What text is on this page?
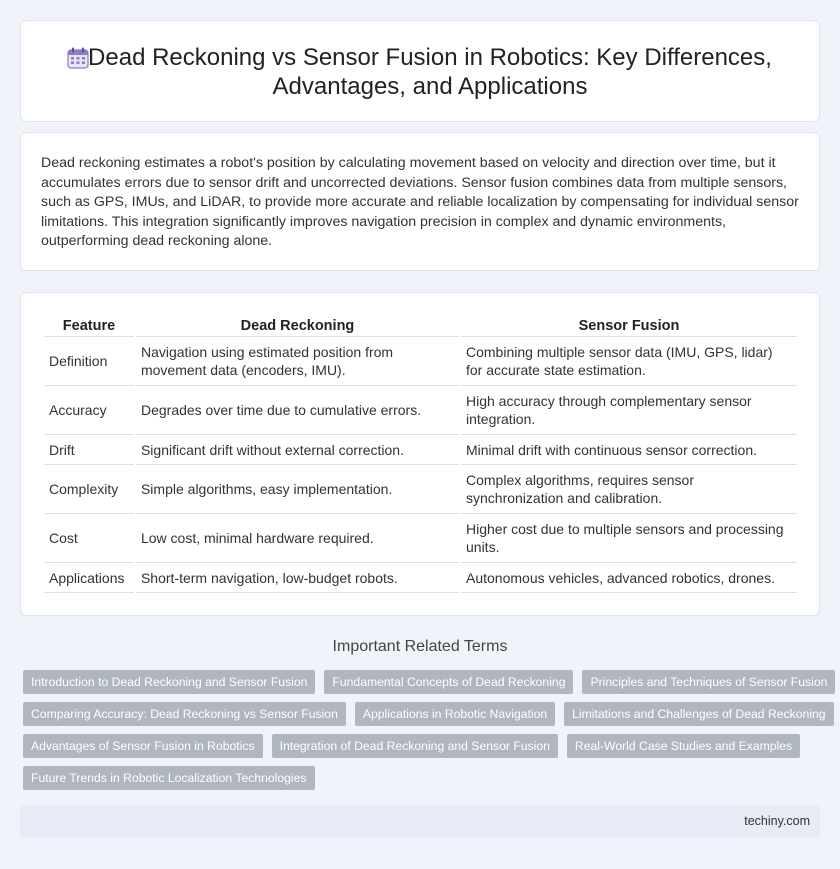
Dead Reckoning vs Sensor Fusion in Robotics: Key Differences, Advantages, and Applications

Dead reckoning estimates a robot's position by calculating movement based on velocity and direction over time, but it accumulates errors due to sensor drift and uncorrected deviations. Sensor fusion combines data from multiple sensors, such as GPS, IMUs, and LiDAR, to provide more accurate and reliable localization by compensating for individual sensor limitations. This integration significantly improves navigation precision in complex and dynamic environments, outperforming dead reckoning alone.

Feature	Dead Reckoning	Sensor Fusion
Definition	Navigation using estimated position from movement data (encoders, IMU).	Combining multiple sensor data (IMU, GPS, lidar) for accurate state estimation.
Accuracy	Degrades over time due to cumulative errors.	High accuracy through complementary sensor integration.
Drift	Significant drift without external correction.	Minimal drift with continuous sensor correction.
Complexity	Simple algorithms, easy implementation.	Complex algorithms, requires sensor synchronization and calibration.
Cost	Low cost, minimal hardware required.	Higher cost due to multiple sensors and processing units.
Applications	Short-term navigation, low-budget robots.	Autonomous vehicles, advanced robotics, drones.
Important Related Terms
Introduction to Dead Reckoning and Sensor Fusion	Fundamental Concepts of Dead Reckoning	Principles and Techniques of Sensor Fusion
Comparing Accuracy: Dead Reckoning vs Sensor Fusion	Applications in Robotic Navigation	Limitations and Challenges of Dead Reckoning
Advantages of Sensor Fusion in Robotics	Integration of Dead Reckoning and Sensor Fusion	Real-World Case Studies and Examples
Future Trends in Robotic Localization Technologies
techiny.com
